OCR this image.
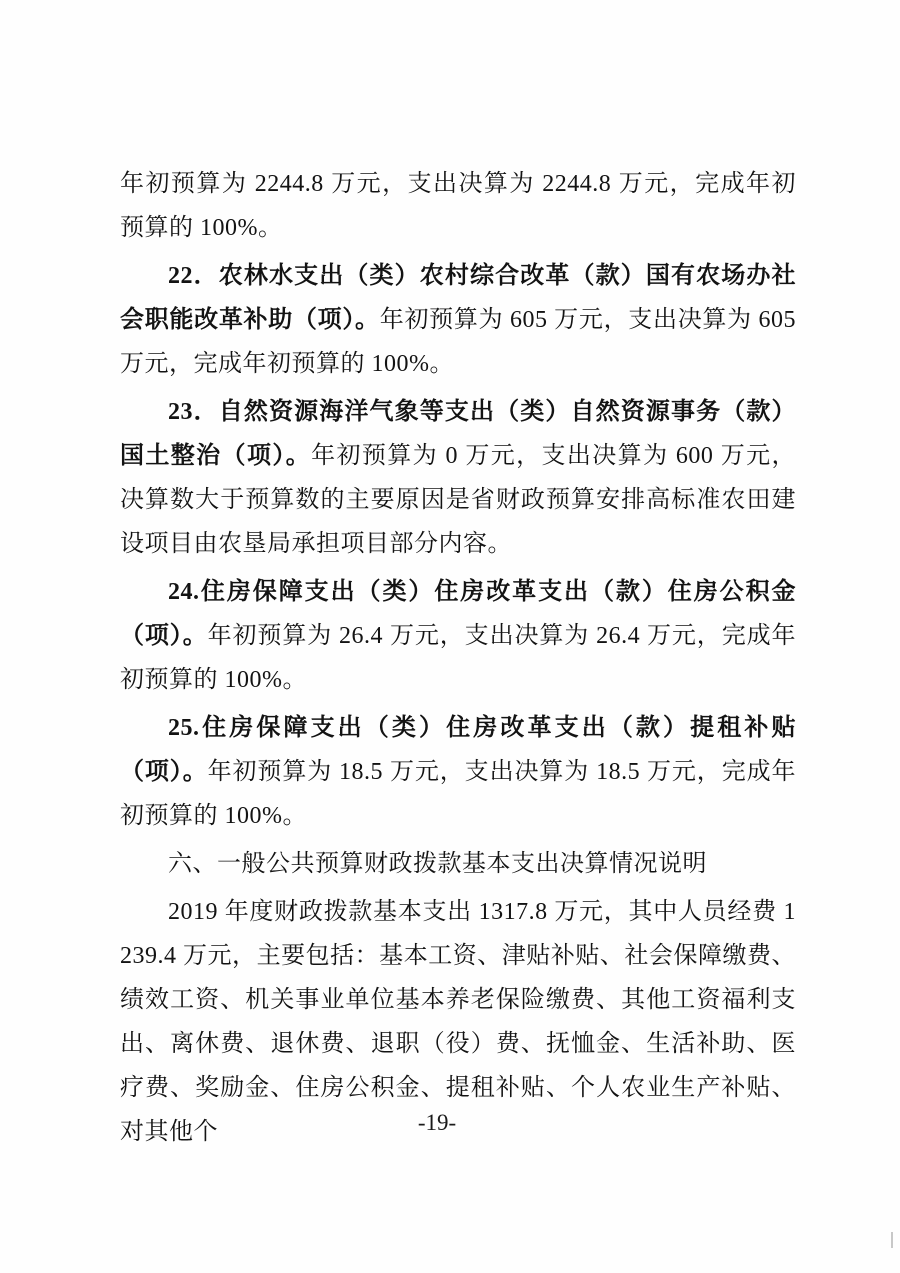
年初预算为 2244.8 万元，支出决算为 2244.8 万元，完成年初预算的 100%。

22．农林水支出（类）农村综合改革（款）国有农场办社会职能改革补助（项）。年初预算为 605 万元，支出决算为 605 万元，完成年初预算的 100%。

23．自然资源海洋气象等支出（类）自然资源事务（款）国土整治（项）。年初预算为 0 万元，支出决算为 600 万元，决算数大于预算数的主要原因是省财政预算安排高标准农田建设项目由农垦局承担项目部分内容。

24.住房保障支出（类）住房改革支出（款）住房公积金（项）。年初预算为 26.4 万元，支出决算为 26.4 万元，完成年初预算的 100%。

25.住房保障支出（类）住房改革支出（款）提租补贴（项）。年初预算为 18.5 万元，支出决算为 18.5 万元，完成年初预算的 100%。

六、一般公共预算财政拨款基本支出决算情况说明

2019 年度财政拨款基本支出 1317.8 万元，其中人员经费 1239.4 万元，主要包括：基本工资、津贴补贴、社会保障缴费、绩效工资、机关事业单位基本养老保险缴费、其他工资福利支出、离休费、退休费、退职（役）费、抚恤金、生活补助、医疗费、奖励金、住房公积金、提租补贴、个人农业生产补贴、对其他个	-19-
